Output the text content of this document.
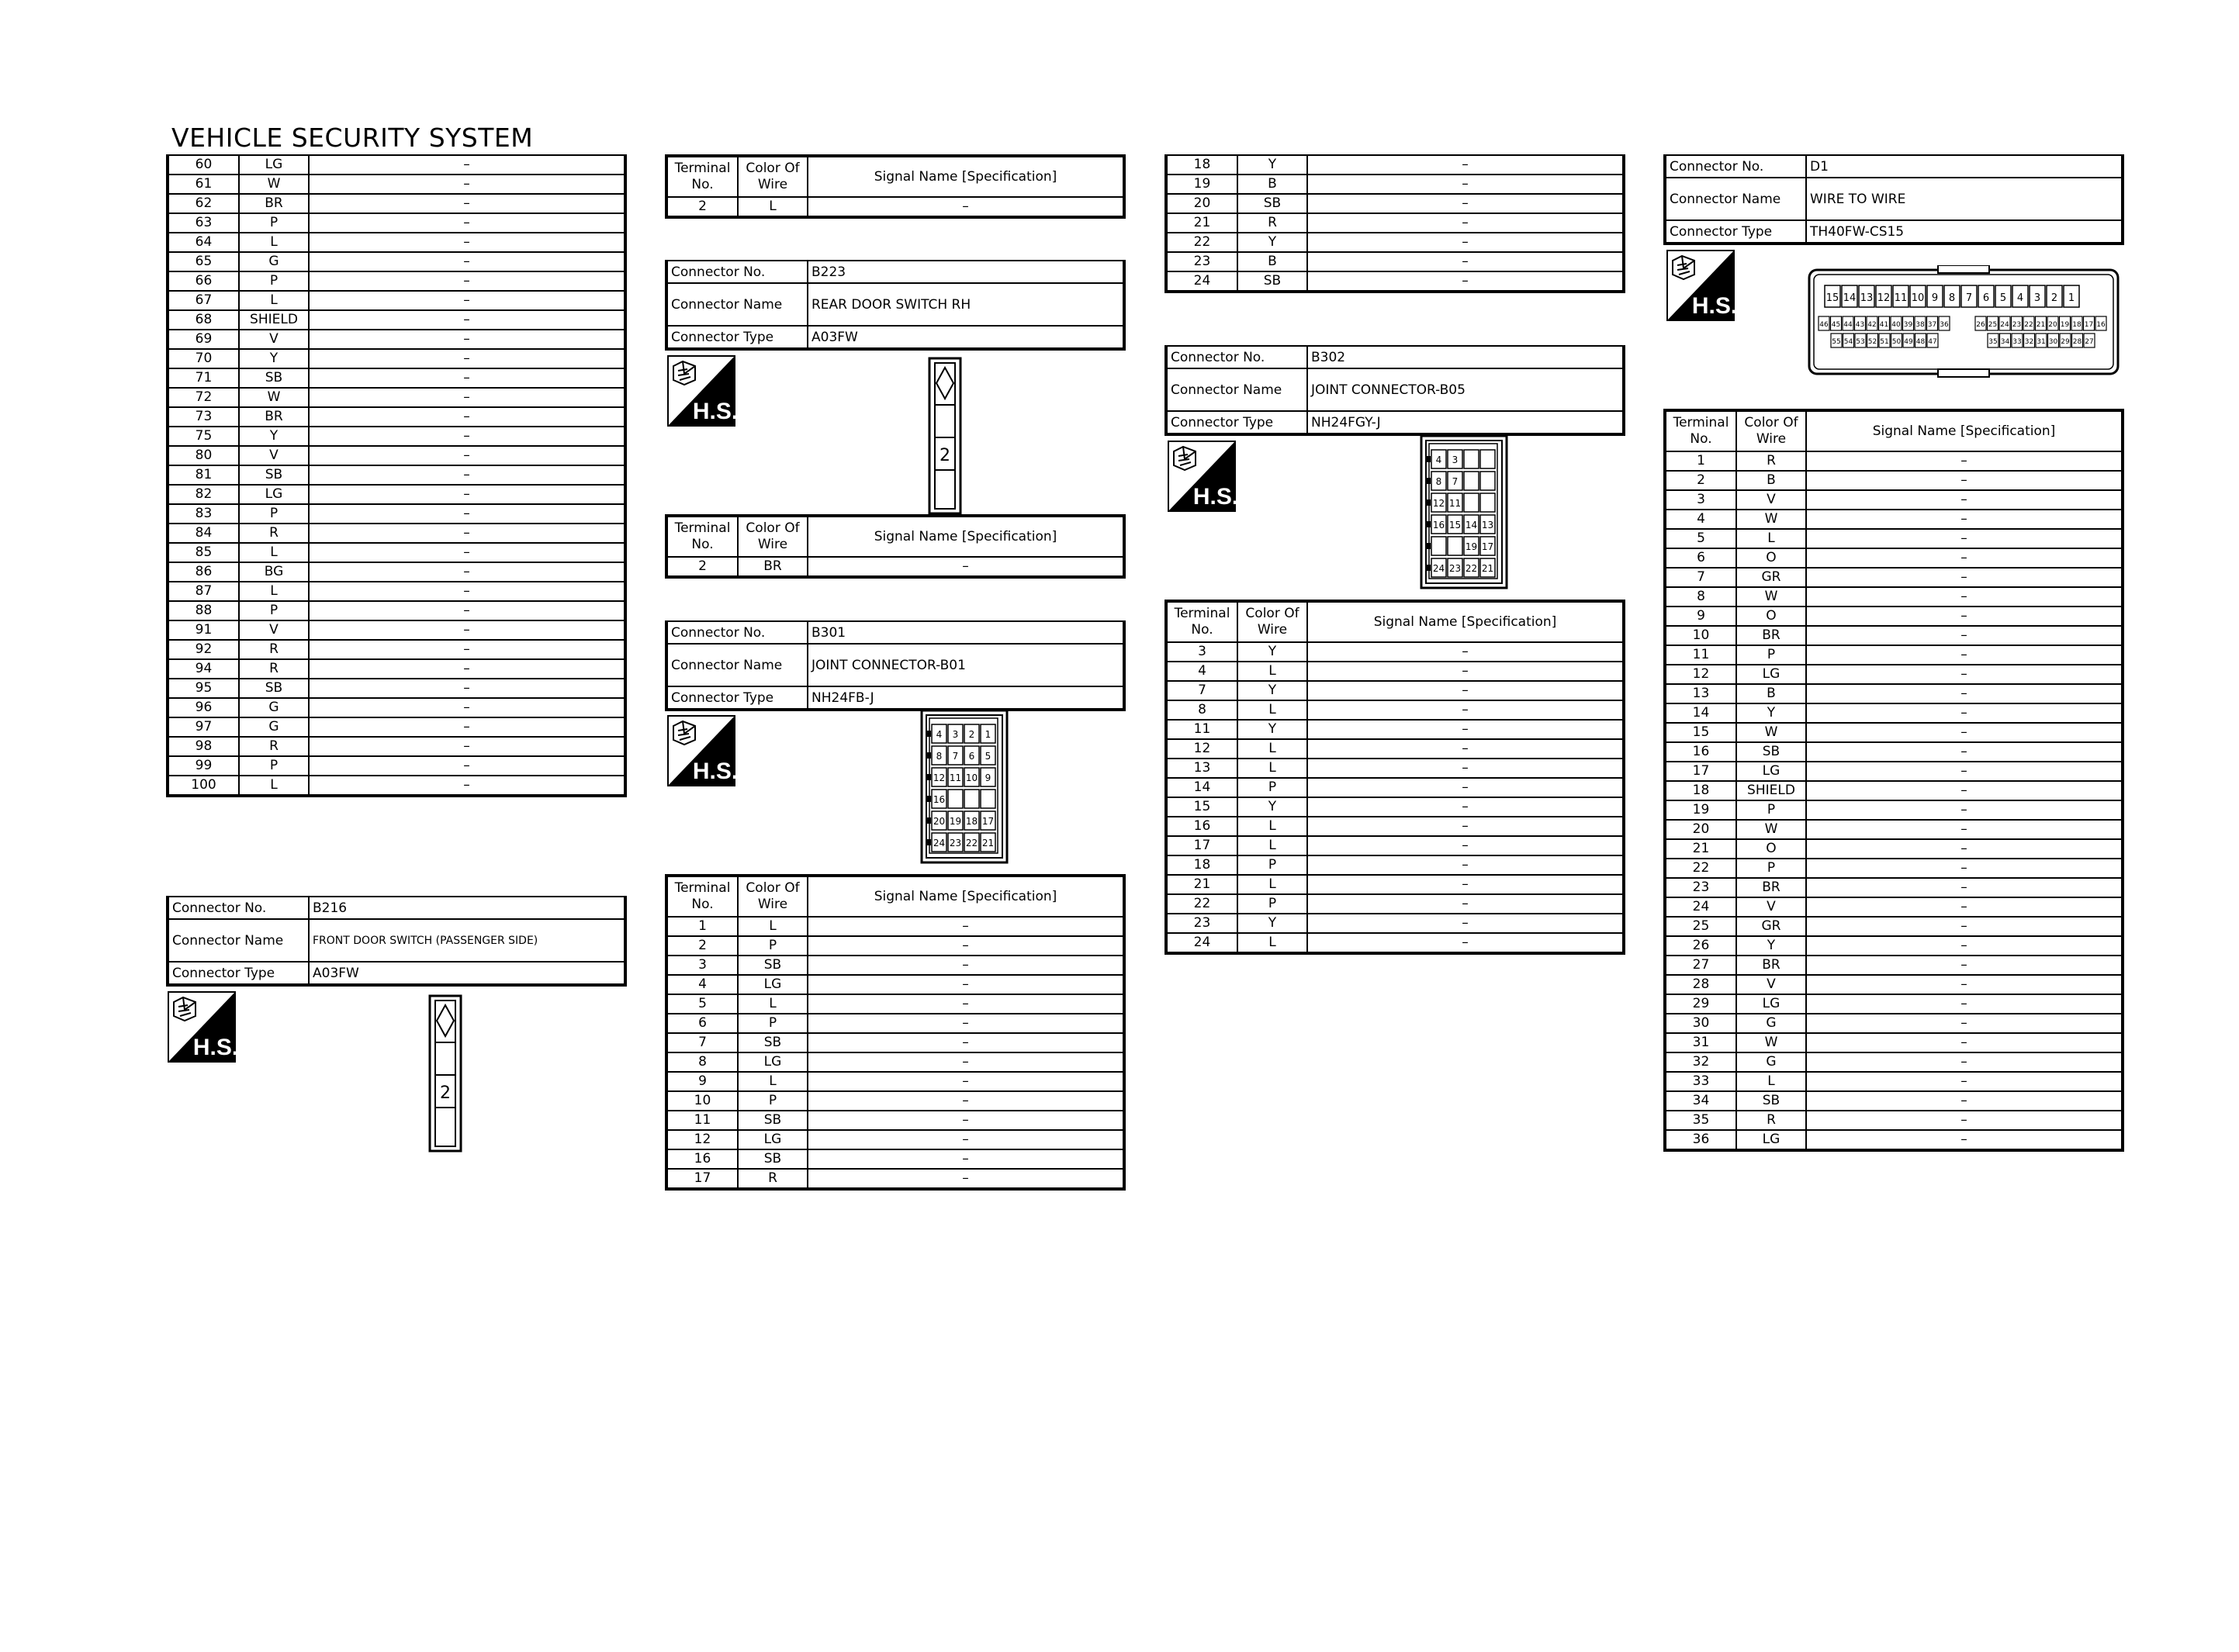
VEHICLE SECURITY SYSTEM
60	LG	–
61	W	–
62	BR	–
63	P	–
64	L	–
65	G	–
66	P	–
67	L	–
68	SHIELD	–
69	V	–
70	Y	–
71	SB	–
72	W	–
73	BR	–
75	Y	–
80	V	–
81	SB	–
82	LG	–
83	P	–
84	R	–
85	L	–
86	BG	–
87	L	–
88	P	–
91	V	–
92	R	–
94	R	–
95	SB	–
96	G	–
97	G	–
98	R	–
99	P	–
100	L	–
Connector No.	B216
Connector Name	FRONT DOOR SWITCH (PASSENGER SIDE)
Connector Type	A03FW
H.S.
2
Terminal
No.	Color Of
Wire	Signal Name [Specification]
2	L	–
Connector No.	B223
Connector Name	REAR DOOR SWITCH RH
Connector Type	A03FW
H.S.
2
Terminal
No.	Color Of
Wire	Signal Name [Specification]
2	BR	–
Connector No.	B301
Connector Name	JOINT CONNECTOR-B01
Connector Type	NH24FB-J
H.S.
4 3 2 1
8 7 6 5
12 11 10 9
16
20 19 18 17
24 23 22 21
Terminal
No.	Color Of
Wire	Signal Name [Specification]
1	L	–
2	P	–
3	SB	–
4	LG	–
5	L	–
6	P	–
7	SB	–
8	LG	–
9	L	–
10	P	–
11	SB	–
12	LG	–
16	SB	–
17	R	–
18	Y	–
19	B	–
20	SB	–
21	R	–
22	Y	–
23	B	–
24	SB	–
Connector No.	B302
Connector Name	JOINT CONNECTOR-B05
Connector Type	NH24FGY-J
H.S.
4 3
8 7
12 11
16 15 14 13
19 17
24 23 22 21
Terminal
No.	Color Of
Wire	Signal Name [Specification]
3	Y	–
4	L	–
7	Y	–
8	L	–
11	Y	–
12	L	–
13	L	–
14	P	–
15	Y	–
16	L	–
17	L	–
18	P	–
21	L	–
22	P	–
23	Y	–
24	L	–
Connector No.	D1
Connector Name	WIRE TO WIRE
Connector Type	TH40FW-CS15
H.S.	15 14 13 12 11 10 9 8 7 6 5 4 3 2 1
46 45 44 43 42 41 40 39 38 37 36	26 25 24 23 22 21 20 19 18 17 16
55 54 53 52 51 50 49 48 47	35 34 33 32 31 30 29 28 27
Terminal
No.	Color Of
Wire	Signal Name [Specification]
1	R	–
2	B	–
3	V	–
4	W	–
5	L	–
6	O	–
7	GR	–
8	W	–
9	O	–
10	BR	–
11	P	–
12	LG	–
13	B	–
14	Y	–
15	W	–
16	SB	–
17	LG	–
18	SHIELD	–
19	P	–
20	W	–
21	O	–
22	P	–
23	BR	–
24	V	–
25	GR	–
26	Y	–
27	BR	–
28	V	–
29	LG	–
30	G	–
31	W	–
32	G	–
33	L	–
34	SB	–
35	R	–
36	LG	–
